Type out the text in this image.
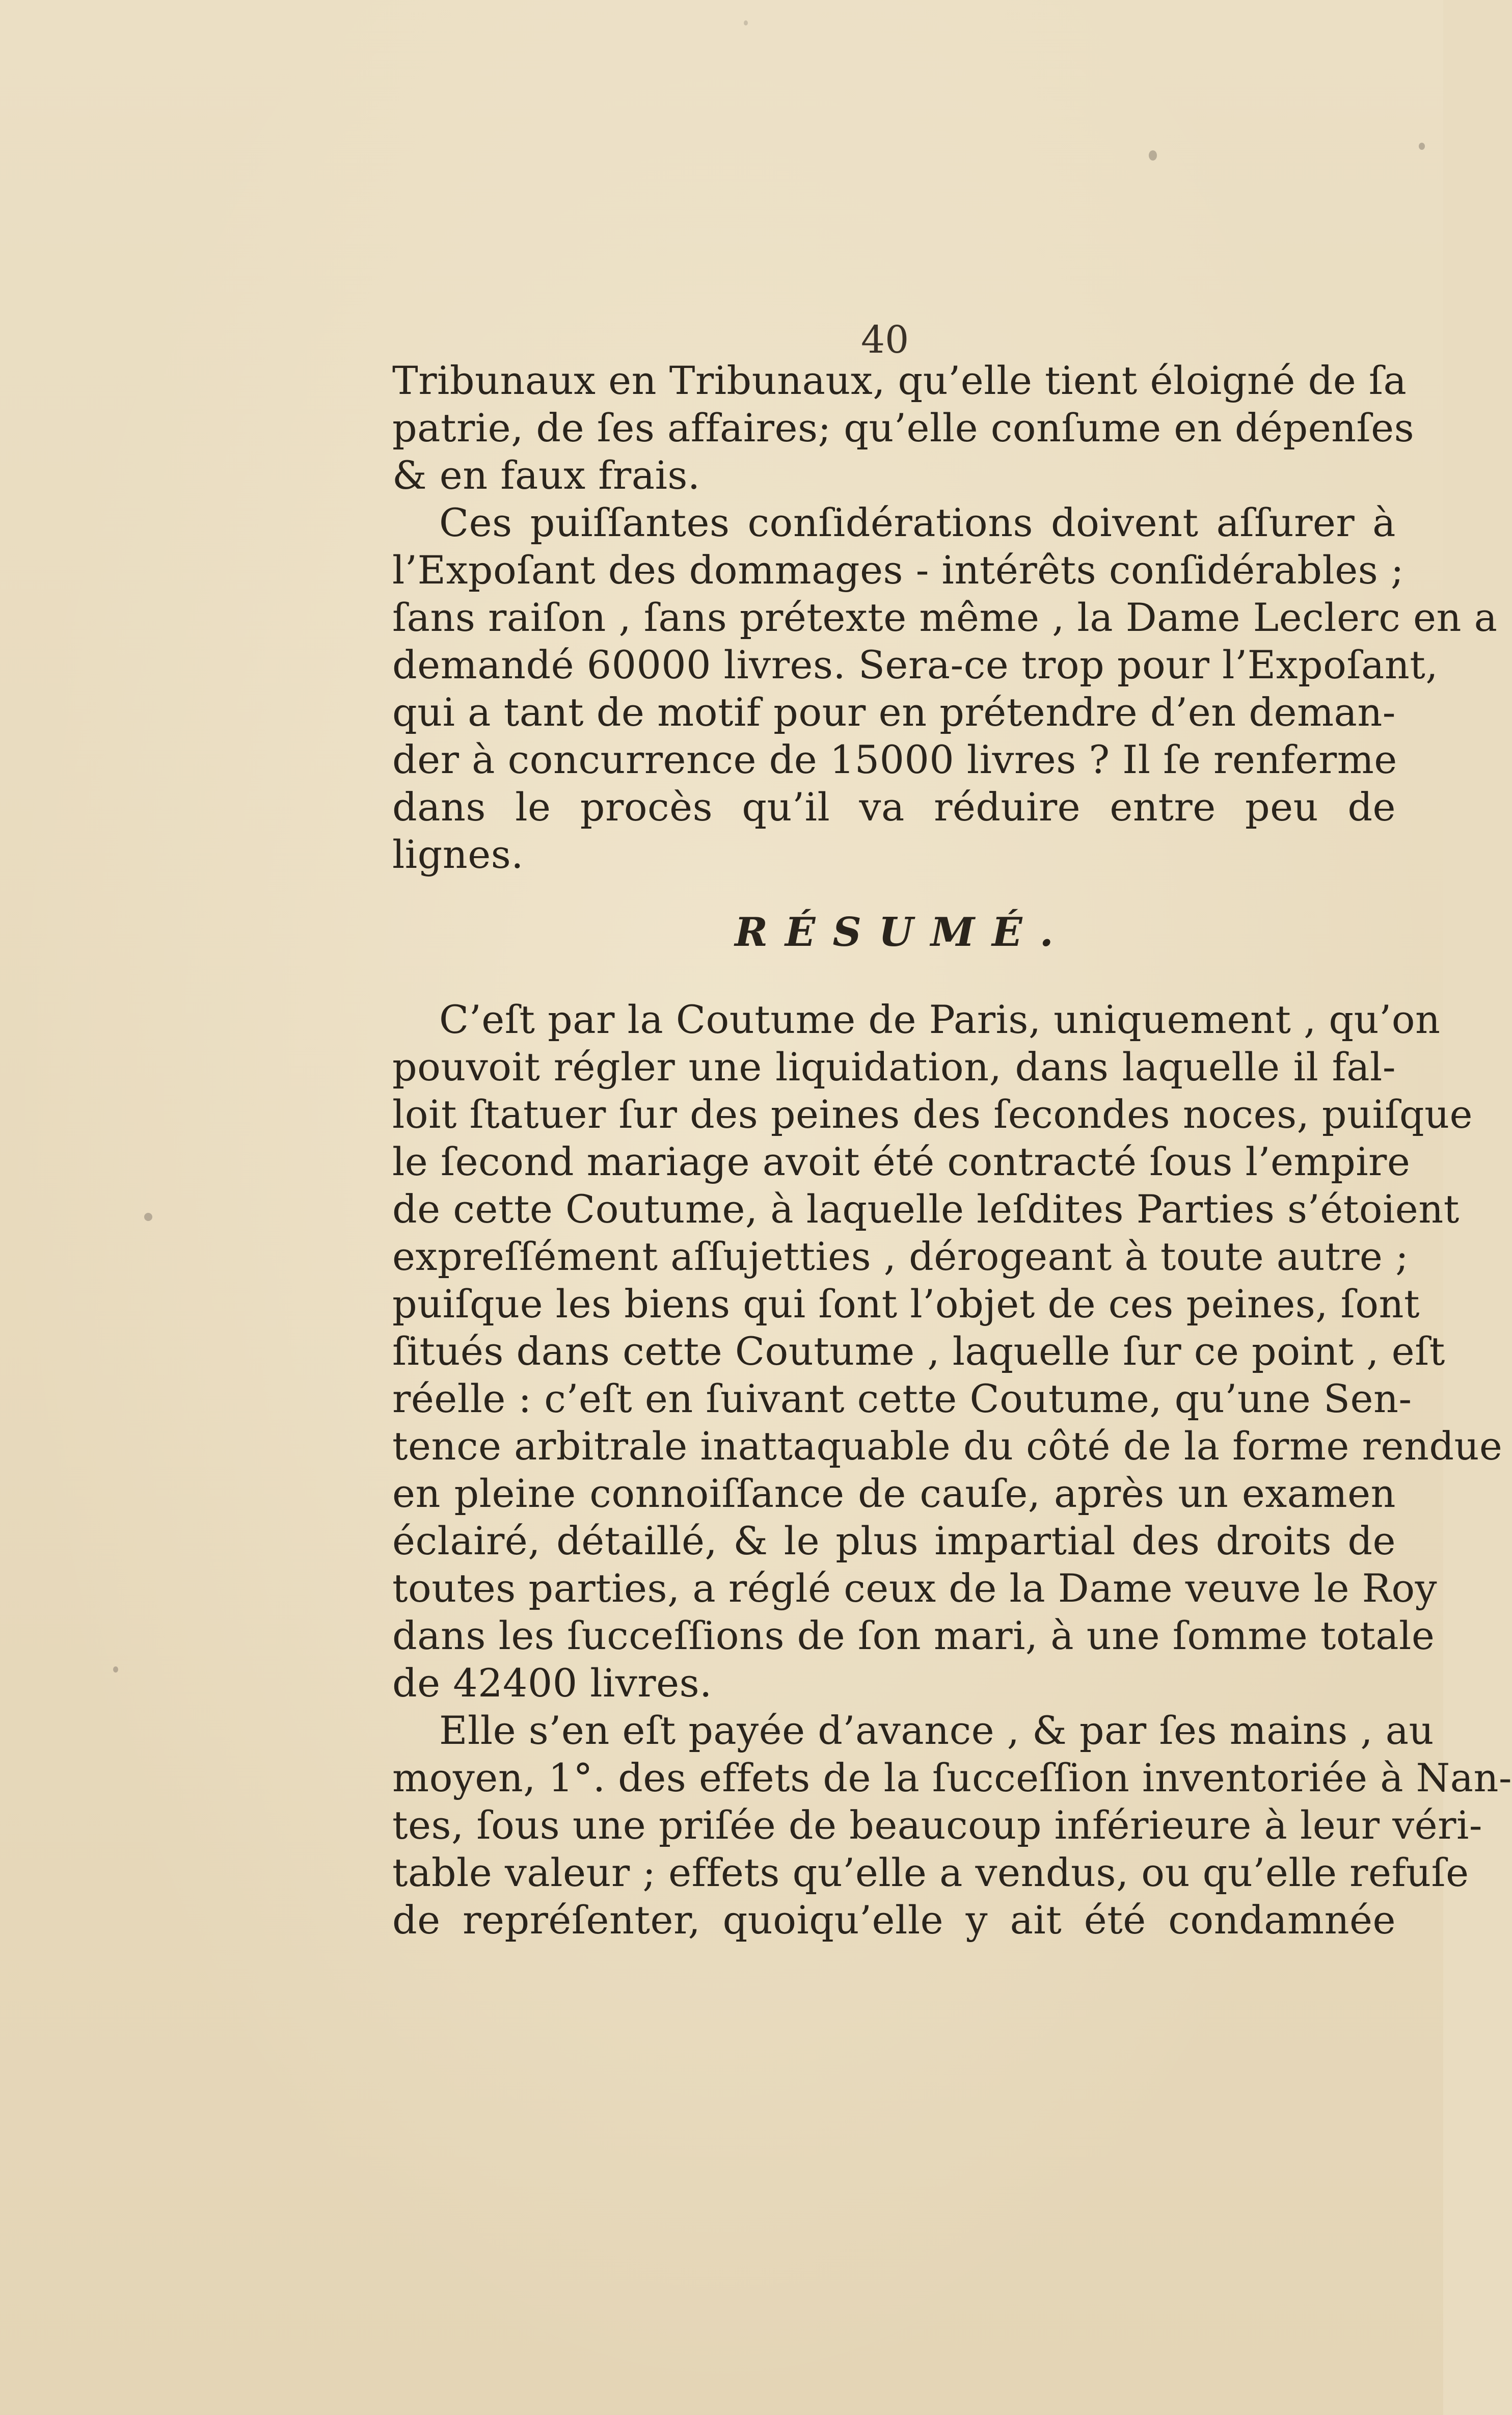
40
Tribunaux en Tribunaux, qu’elle tient éloigné de ſa
patrie, de ſes affaires; qu’elle conſume en dépenſes
& en faux frais.
Ces puiſſantes conſidérations doivent aſſurer à
l’Expoſant des dommages - intérêts conſidérables ;
ſans raiſon , ſans prétexte même , la Dame Leclerc en a
demandé 60000 livres. Sera-ce trop pour l’Expoſant,
qui a tant de motif pour en prétendre d’en deman-
der à concurrence de 15000 livres ? Il ſe renferme
dans le procès qu’il va réduire entre peu de
lignes.
RÉSUMÉ.
C’eſt par la Coutume de Paris, uniquement , qu’on
pouvoit régler une liquidation, dans laquelle il fal-
loit ſtatuer ſur des peines des ſecondes noces, puiſque
le ſecond mariage avoit été contracté ſous l’empire
de cette Coutume, à laquelle leſdites Parties s’étoient
expreſſément aſſujetties , dérogeant à toute autre ;
puiſque les biens qui ſont l’objet de ces peines, ſont
ſitués dans cette Coutume , laquelle ſur ce point , eſt
réelle : c’eſt en ſuivant cette Coutume, qu’une Sen-
tence arbitrale inattaquable du côté de la forme rendue
en pleine connoiſſance de cauſe, après un examen
éclairé, détaillé, & le plus impartial des droits de
toutes parties, a réglé ceux de la Dame veuve le Roy
dans les ſucceſſions de ſon mari, à une ſomme totale
de 42400 livres.
Elle s’en eſt payée d’avance , & par ſes mains , au
moyen, 1°. des effets de la ſucceſſion inventoriée à Nan-
tes, ſous une priſée de beaucoup inférieure à leur véri-
table valeur ; effets qu’elle a vendus, ou qu’elle refuſe
de repréſenter, quoiqu’elle y ait été condamnée
